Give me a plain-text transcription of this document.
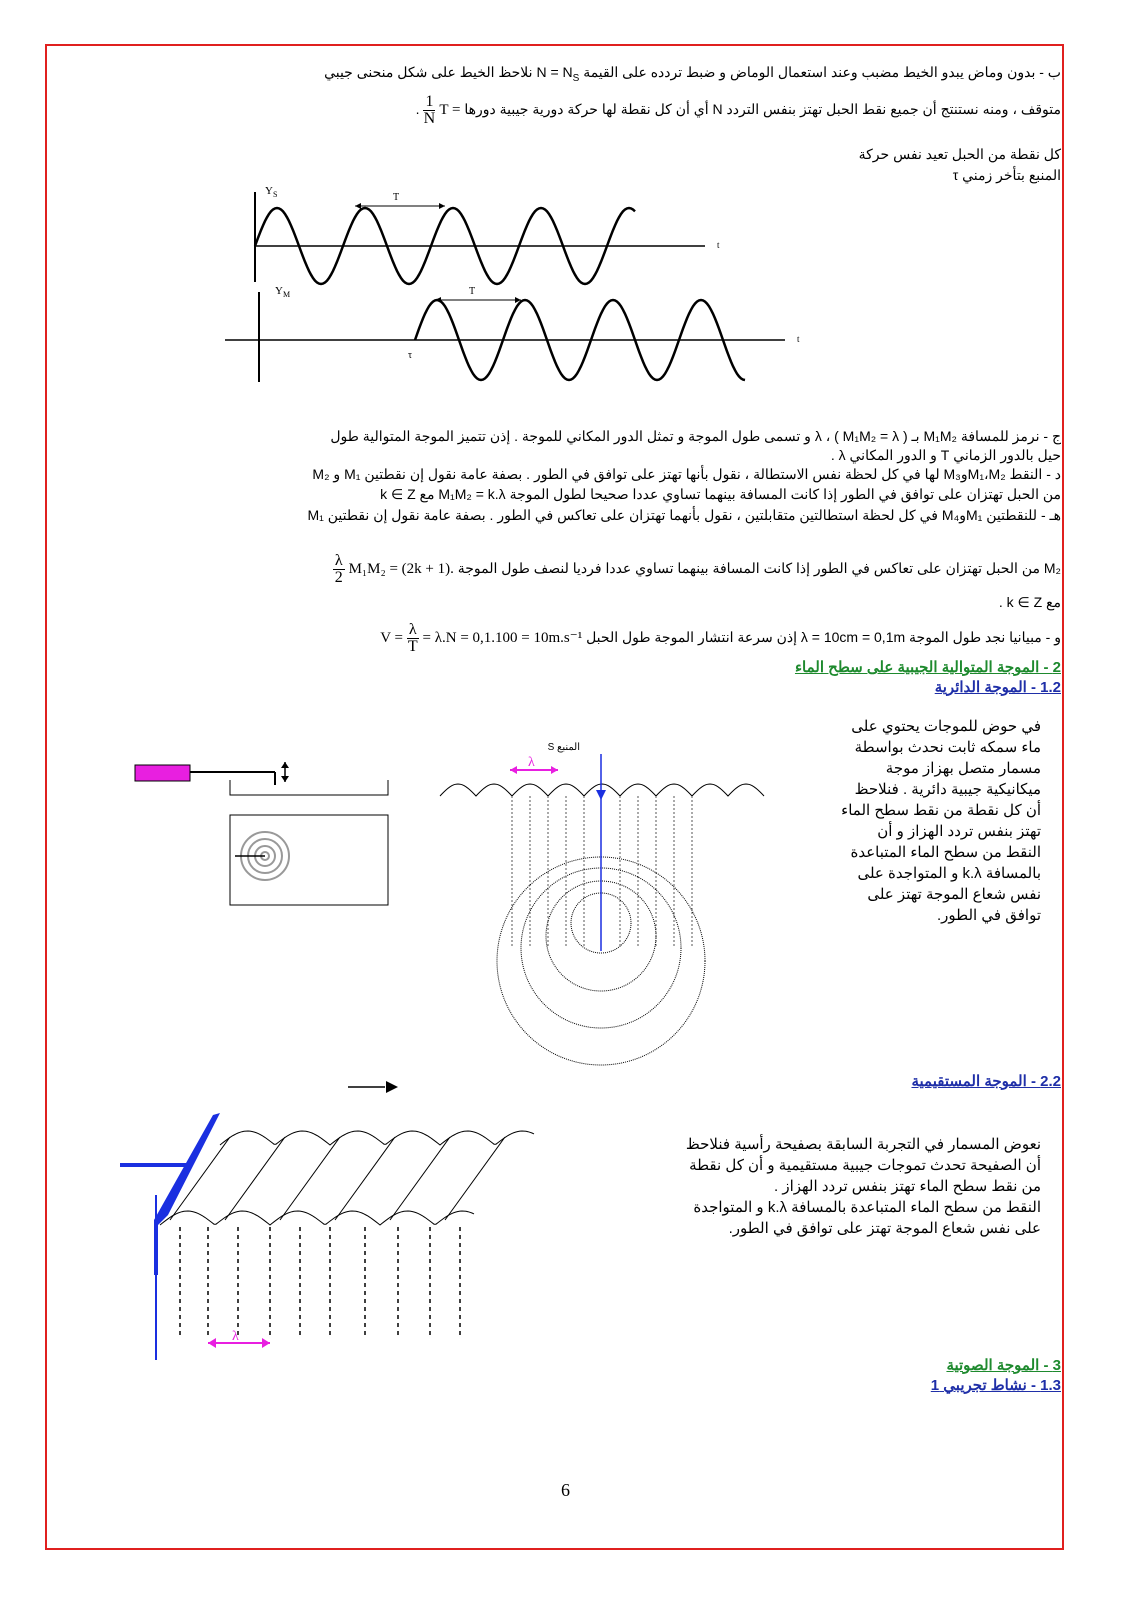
ب - بدون وماض يبدو الخيط مضبب وعند استعمال الوماض و ضبط تردده على القيمة $N = N_S$ نلاحظ الخيط على شكل منحنى جيبي
متوقف ، ومنه نستنتج أن جميع نقط الحبل تهتز بنفس التردد N أي أن كل نقطة لها حركة دورية جيبية دورها T =
$\frac{1}{N}$
.
كل نقطة من الحبل تعيد نفس حركة
المنبع بتأخر زمني τ
$Y_S$	T
t
$Y_M$	T
τ
t
ج - نرمز للمسافة M₁M₂ بـ λ ، ( M₁M₂ = λ ) و تسمى طول الموجة و تمثل الدور المكاني للموجة . إذن تتميز الموجة المتوالية طول
حيل بالدور الزماني T و الدور المكاني λ .
د - النقط M₁،M₂وM₃ لها في كل لحظة نفس الاستطالة ، نقول بأنها تهتز على توافق في الطور . بصفة عامة نقول إن نقطتين M₁ و M₂
من الحبل تهتزان على توافق في الطور إذا كانت المسافة بينهما تساوي عددا صحيحا لطول الموجة M₁M₂ = k.λ مع k ∈ Z
هـ - للنقطتين M₁وM₄ في كل لحظة استطالتين متقابلتين ، نقول بأنهما تهتزان على تعاكس في الطور . بصفة عامة نقول إن نقطتين M₁
M₂ من الحبل تهتزان على تعاكس في الطور إذا كانت المسافة بينهما تساوي عددا فرديا لنصف طول الموجة M₁M₂ = (2k + 1).
$\frac{\lambda}{2}$
مع k ∈ Z .
و - مبيانيا نجد طول الموجة λ = 10cm = 0,1m إذن سرعة انتشار الموجة طول الحبل $V = \frac{\lambda}{T} = \lambda.N = 0,1.100 = 10m.s^{-1}$
2 - الموجة المتوالية الجيبية على سطح الماء
1.2 - الموجة الدائرية
في حوض للموجات يحتوي على
ماء سمكه ثابت نحدث بواسطة
مسمار متصل بهزاز موجة
ميكانيكية جيبية دائرية . فنلاحظ
أن كل نقطة من نقط سطح الماء
تهتز بنفس تردد الهزاز و أن
النقط من سطح الماء المتباعدة
بالمسافة k.λ و المتواجدة على
نفس شعاع الموجة تهتز على
توافق في الطور.
المنبع S
λ
2.2 - الموجة المستقيمية
نعوض المسمار في التجربة السابقة بصفيحة رأسية فنلاحظ
أن الصفيحة تحدث تموجات جيبية مستقيمية و أن كل نقطة
من نقط سطح الماء تهتز بنفس تردد الهزاز .
النقط من سطح الماء المتباعدة بالمسافة k.λ و المتواجدة
على نفس شعاع الموجة تهتز على توافق في الطور.
λ
3 - الموجة الصوتية
1.3 - نشاط تجريبي 1
6
